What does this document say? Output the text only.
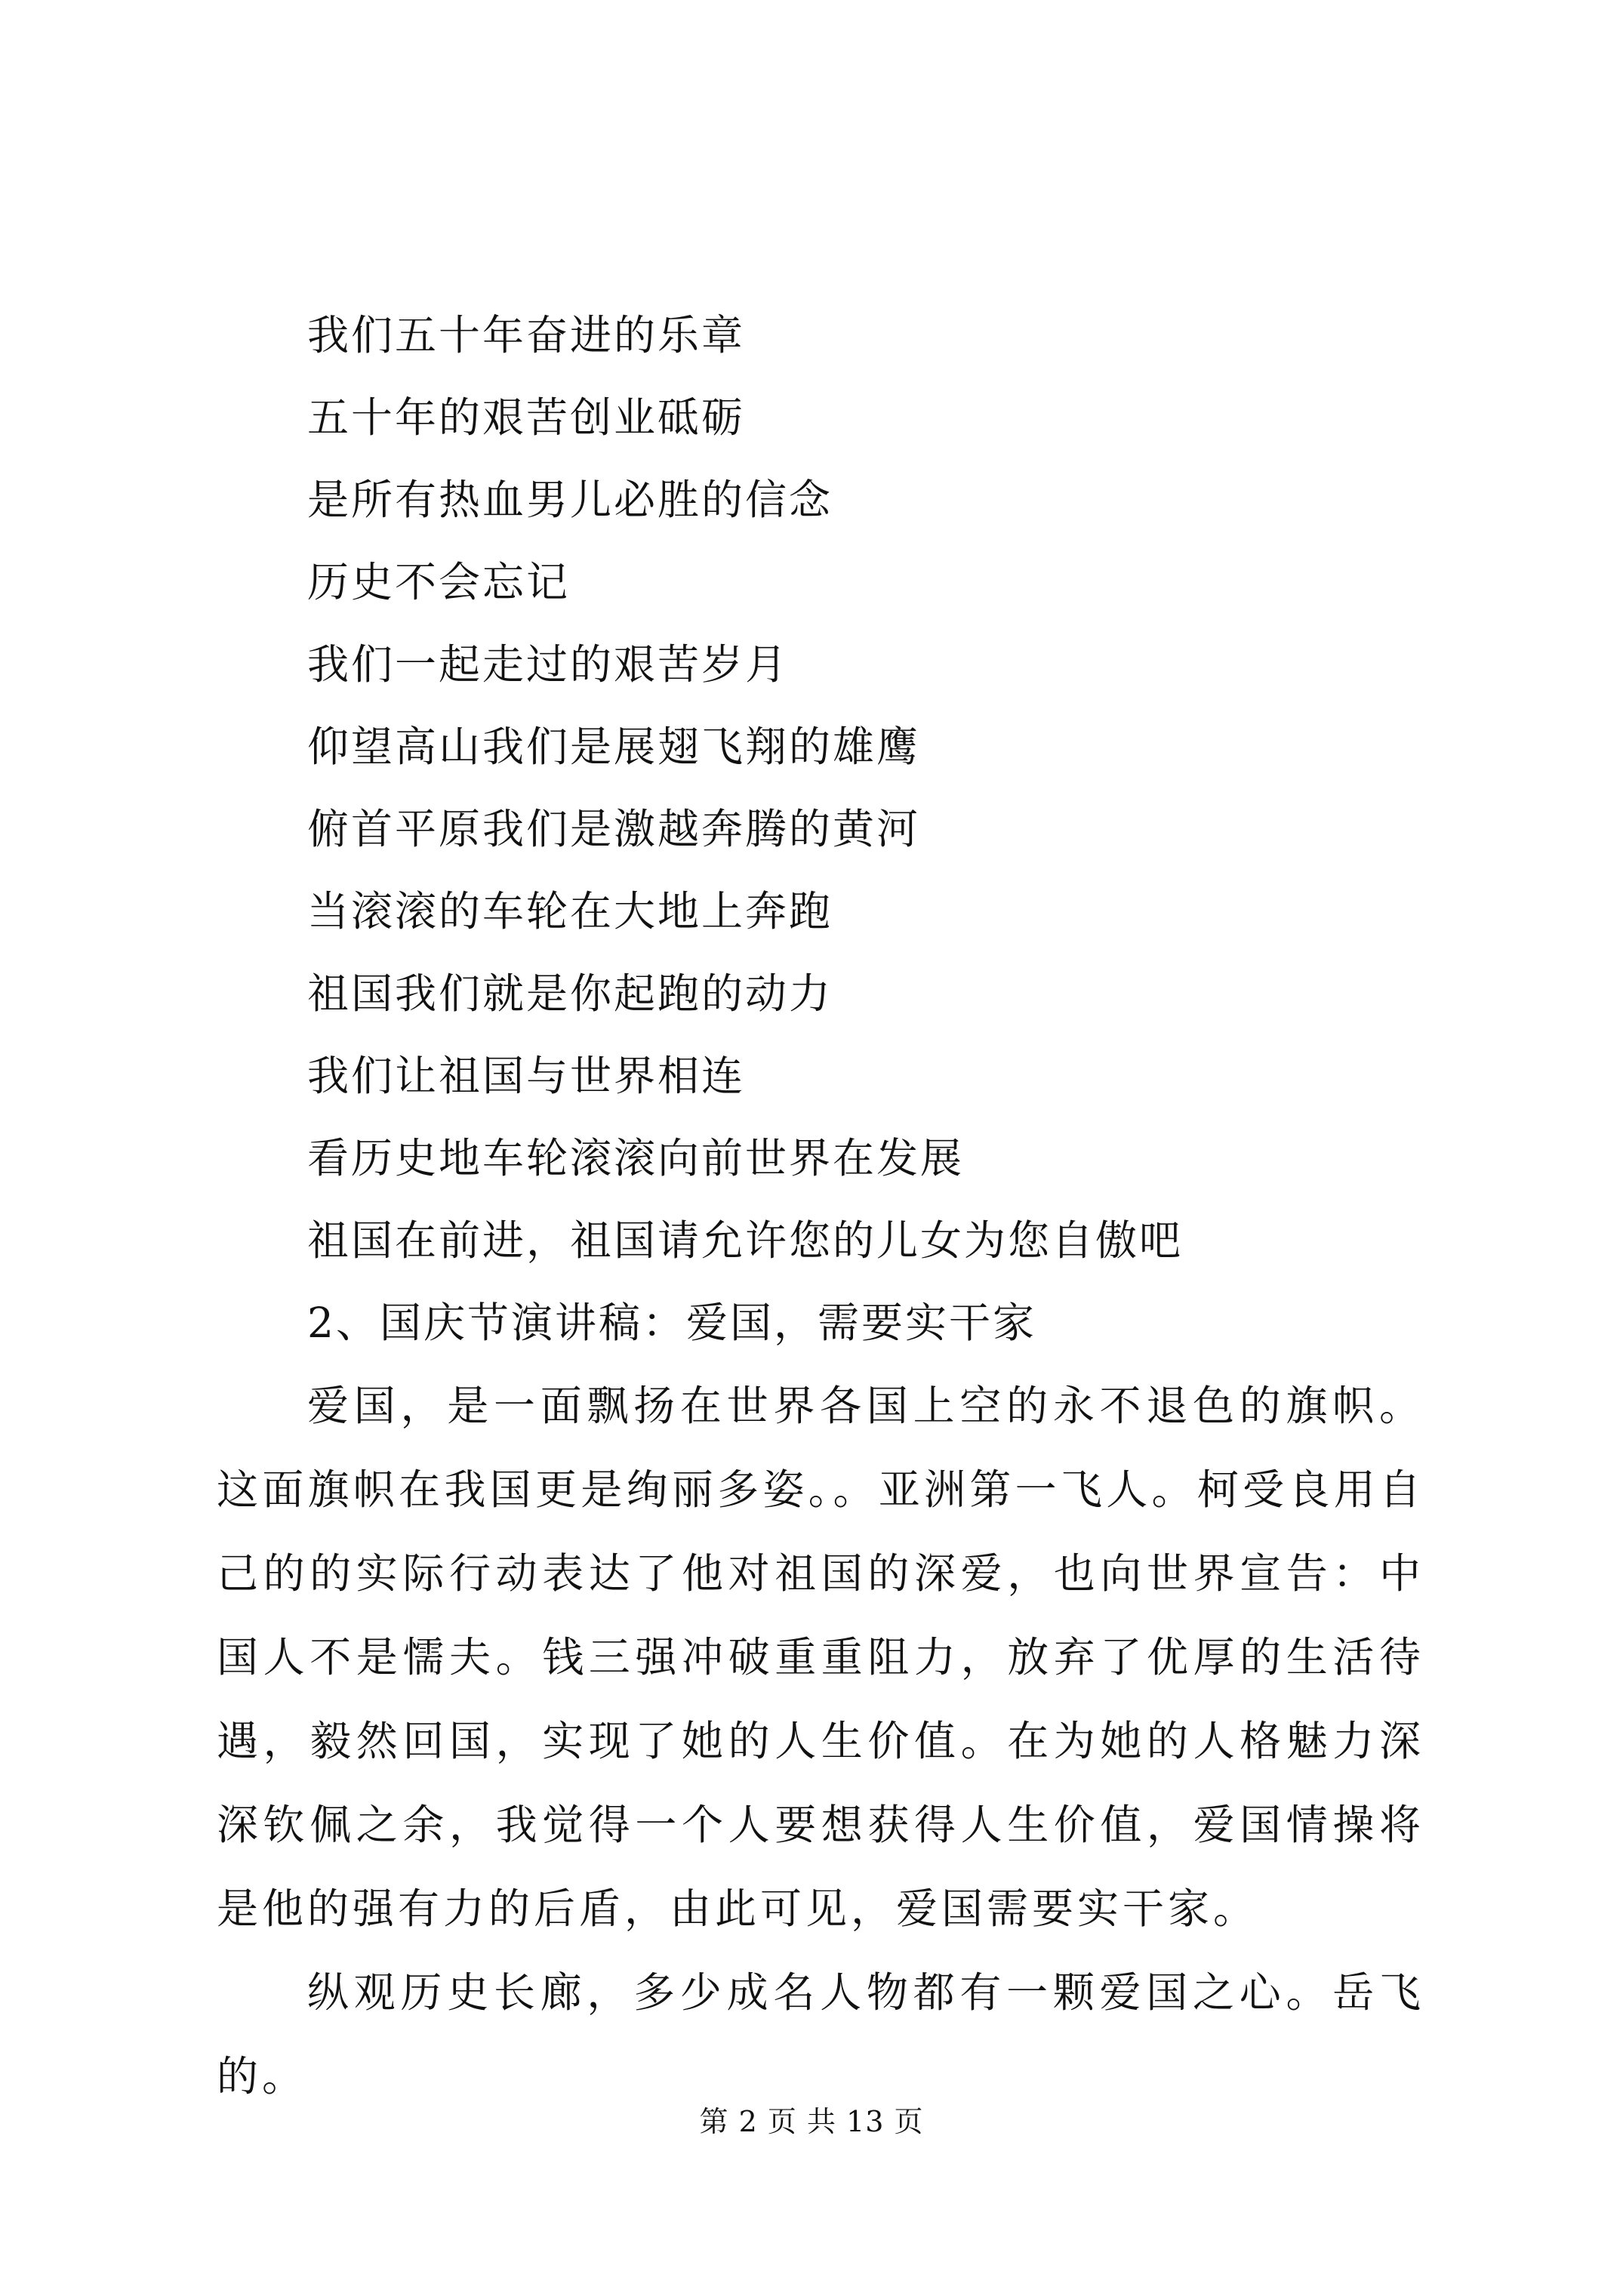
我们五十年奋进的乐章
五十年的艰苦创业砥砺
是所有热血男儿必胜的信念
历史不会忘记
我们一起走过的艰苦岁月
仰望高山我们是展翅飞翔的雄鹰
俯首平原我们是激越奔腾的黄河
当滚滚的车轮在大地上奔跑
祖国我们就是你起跑的动力
我们让祖国与世界相连
看历史地车轮滚滚向前世界在发展
祖国在前进，祖国请允许您的儿女为您自傲吧
2、国庆节演讲稿：爱国，需要实干家

爱国，是一面飘扬在世界各国上空的永不退色的旗帜。这面旗帜在我国更是绚丽多姿。。亚洲第一飞人。柯受良用自己的的实际行动表达了他对祖国的深爱，也向世界宣告：中国人不是懦夫。钱三强冲破重重阻力，放弃了优厚的生活待遇，毅然回国，实现了她的人生价值。在为她的人格魅力深深钦佩之余，我觉得一个人要想获得人生价值，爱国情操将是他的强有力的后盾，由此可见，爱国需要实干家。

纵观历史长廊，多少成名人物都有一颗爱国之心。岳飞的。

第 2 页 共 13 页
